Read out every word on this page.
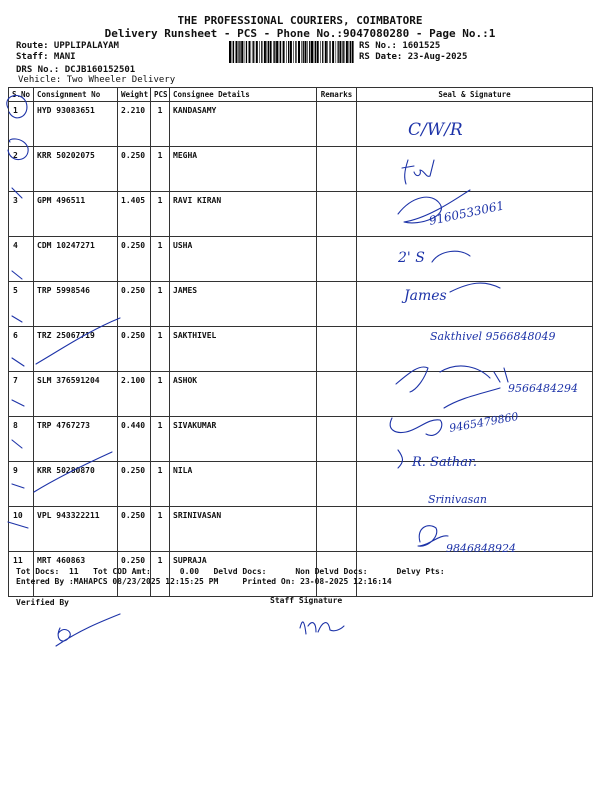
THE PROFESSIONAL COURIERS, COIMBATORE
Delivery Runsheet - PCS - Phone No.:9047080280 - Page No.:1
Route: UPPLIPALAYAM
Staff: MANI
DRS No.: DCJB160152501
Vehicle: Two Wheeler Delivery
RS No.: 1601525
RS Date: 23-Aug-2025
S.No	Consignment No	Weight	PCS	Consignee Details	Remarks	Seal & Signature
1	HYD 93083651	2.210	1	KANDASAMY		
2	KRR 50202075	0.250	1	MEGHA		
3	GPM 496511	1.405	1	RAVI KIRAN		
4	CDM 10247271	0.250	1	USHA		
5	TRP 5998546	0.250	1	JAMES		
6	TRZ 25067719	0.250	1	SAKTHIVEL		
7	SLM 376591204	2.100	1	ASHOK		
8	TRP 4767273	0.440	1	SIVAKUMAR		
9	KRR 50280870	0.250	1	NILA		
10	VPL 943322211	0.250	1	SRINIVASAN		
11	MRT 460863	0.250	1	SUPRAJA		
Tot Docs:  11   Tot COD Amt:      0.00   Delvd Docs:      Non Delvd Docs:      Delvy Pts:
Entered By :MAHAPCS 08/23/2025 12:15:25 PM     Printed On: 23-08-2025 12:16:14
Verified By	Staff Signature
C/W/R
9160533061
2' S
James
Sakthivel 9566848049
9566484294
9465479860
R. Sathar.
Srinivasan
9846848924
